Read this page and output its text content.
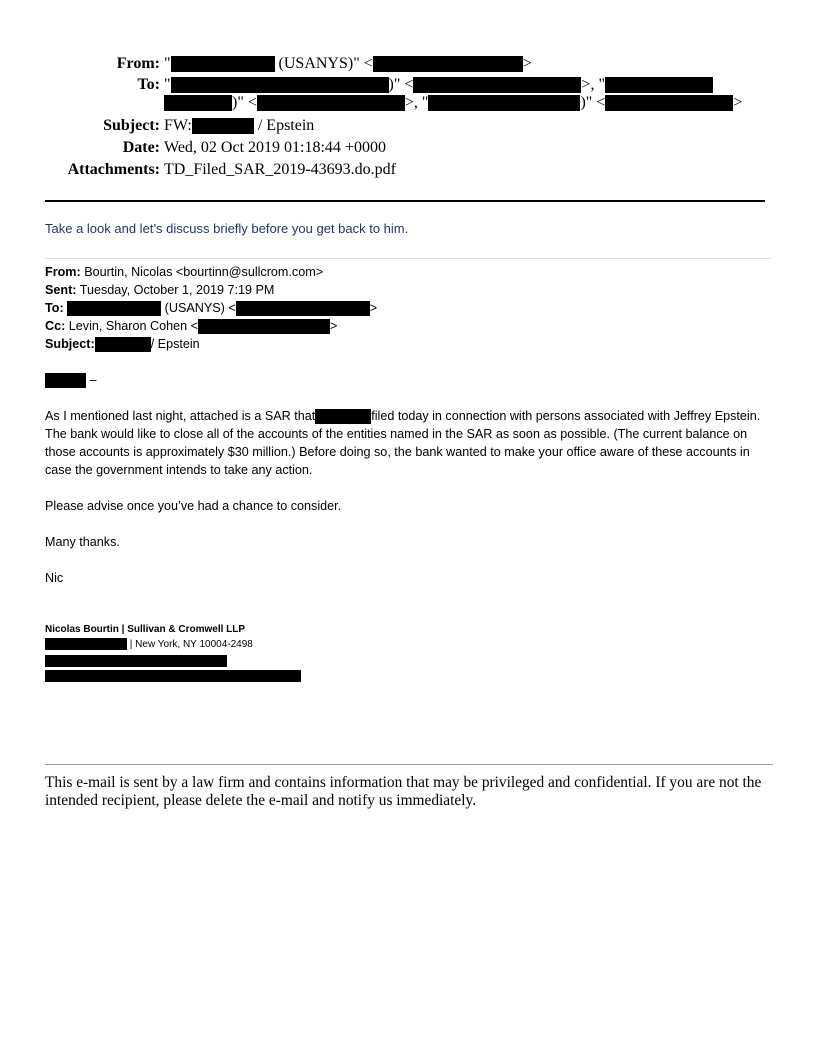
From: "	(USANYS)" <	>
To: "	)" <	>, "
)" <	>, "	)" <	>
Subject: FW:	/ Epstein
Date: Wed, 02 Oct 2019 01:18:44 +0000
Attachments: TD_Filed_SAR_2019-43693.do.pdf
Take a look and let’s discuss briefly before you get back to him.
From: Bourtin, Nicolas <bourtinn@sullcrom.com>
Sent: Tuesday, October 1, 2019 7:19 PM
To:	(USANYS) <	>
Cc: Levin, Sharon Cohen <	>
Subject:	/ Epstein
–
As I mentioned last night, attached is a SAR that	filed today in connection with persons associated with Jeffrey Epstein. The bank would like to close all of the accounts of the entities named in the SAR as soon as possible. (The current balance on those accounts is approximately $30 million.) Before doing so, the bank wanted to make your office aware of these accounts in case the government intends to take any action.
Please advise once you’ve had a chance to consider.
Many thanks.
Nic
Nicolas Bourtin | Sullivan & Cromwell LLP
| New York, NY 10004-2498
This e-mail is sent by a law firm and contains information that may be privileged and confidential. If you are not the intended recipient, please delete the e-mail and notify us immediately.
